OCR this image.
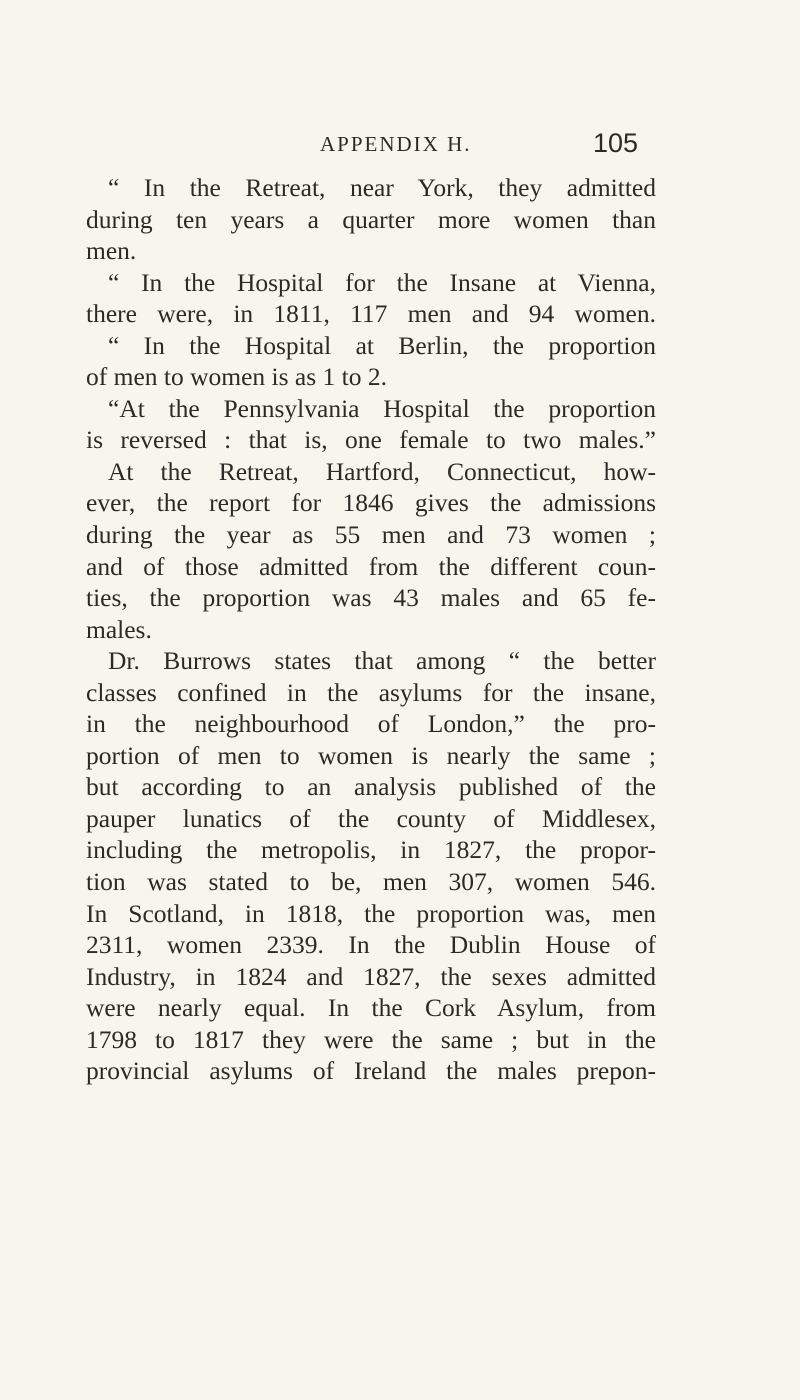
APPENDIX H.	105
“ In the Retreat, near York, they admitted
during ten years a quarter more women than
men.
“ In the Hospital for the Insane at Vienna,
there were, in 1811, 117 men and 94 women.
“ In the Hospital at Berlin, the proportion
of men to women is as 1 to 2.
“At the Pennsylvania Hospital the proportion
is reversed : that is, one female to two males.”
At the Retreat, Hartford, Connecticut, how-
ever, the report for 1846 gives the admissions
during the year as 55 men and 73 women ;
and of those admitted from the different coun-
ties, the proportion was 43 males and 65 fe-
males.
Dr. Burrows states that among “ the better
classes confined in the asylums for the insane,
in the neighbourhood of London,” the pro-
portion of men to women is nearly the same ;
but according to an analysis published of the
pauper lunatics of the county of Middlesex,
including the metropolis, in 1827, the propor-
tion was stated to be, men 307, women 546.
In Scotland, in 1818, the proportion was, men
2311, women 2339. In the Dublin House of
Industry, in 1824 and 1827, the sexes admitted
were nearly equal. In the Cork Asylum, from
1798 to 1817 they were the same ; but in the
provincial asylums of Ireland the males prepon-
